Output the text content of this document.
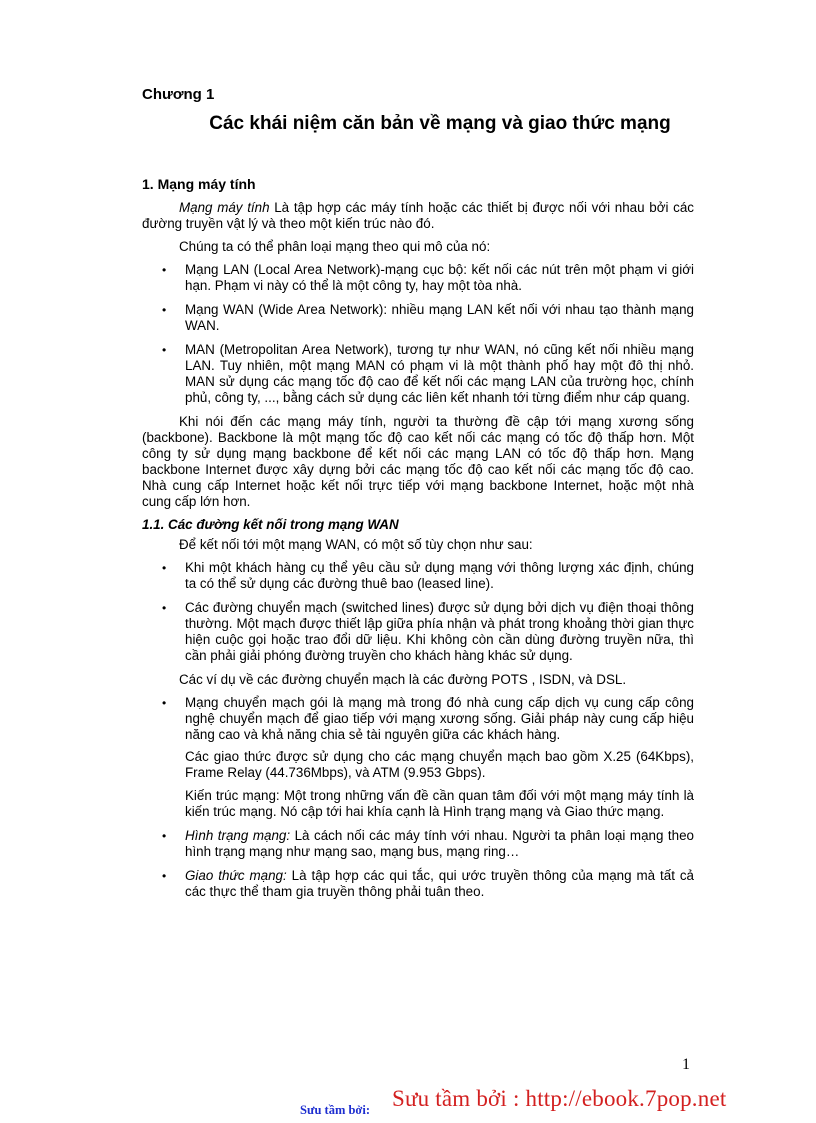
Chương 1
Các khái niệm căn bản về mạng và giao thức mạng
1. Mạng máy tính

Mạng máy tính Là tập hợp các máy tính hoặc các thiết bị được nối với nhau bởi các đường truyền vật lý và theo một kiến trúc nào đó.

Chúng ta có thể phân loại mạng theo qui mô của nó:

• Mạng LAN (Local Area Network)-mạng cục bộ: kết nối các nút trên một phạm vi giới hạn. Phạm vi này có thể là một công ty, hay một tòa nhà.
• Mạng WAN (Wide Area Network): nhiều mạng LAN kết nối với nhau tạo thành mạng WAN.
• MAN (Metropolitan Area Network), tương tự như WAN, nó cũng kết nối nhiều mạng LAN. Tuy nhiên, một mạng MAN có phạm vi là một thành phố hay một đô thị nhỏ. MAN sử dụng các mạng tốc độ cao để kết nối các mạng LAN của trường học, chính phủ, công ty, ..., bằng cách sử dụng các liên kết nhanh tới từng điểm như cáp quang.

Khi nói đến các mạng máy tính, người ta thường đề cập tới mạng xương sống (backbone). Backbone là một mạng tốc độ cao kết nối các mạng có tốc độ thấp hơn. Một công ty sử dụng mạng backbone để kết nối các mạng LAN có tốc độ thấp hơn. Mạng backbone Internet được xây dựng bởi các mạng tốc độ cao kết nối các mạng tốc độ cao. Nhà cung cấp Internet hoặc kết nối trực tiếp với mạng backbone Internet, hoặc một nhà cung cấp lớn hơn.

1.1. Các đường kết nối trong mạng WAN

Để kết nối tới một mạng WAN, có một số tùy chọn như sau:

• Khi một khách hàng cụ thể yêu cầu sử dụng mạng với thông lượng xác định, chúng ta có thể sử dụng các đường thuê bao (leased line).
• Các đường chuyển mạch (switched lines) được sử dụng bởi dịch vụ điện thoại thông thường. Một mạch được thiết lập giữa phía nhận và phát trong khoảng thời gian thực hiện cuộc gọi hoặc trao đổi dữ liệu. Khi không còn cần dùng đường truyền nữa, thì cần phải giải phóng đường truyền cho khách hàng khác sử dụng.

Các ví dụ về các đường chuyển mạch là các đường POTS , ISDN, và DSL.

• Mạng chuyển mạch gói là mạng mà trong đó nhà cung cấp dịch vụ cung cấp công nghệ chuyển mạch để giao tiếp với mạng xương sống. Giải pháp này cung cấp hiệu năng cao và khả năng chia sẻ tài nguyên giữa các khách hàng.

Các giao thức được sử dụng cho các mạng chuyển mạch bao gồm X.25 (64Kbps), Frame Relay (44.736Mbps), và ATM (9.953 Gbps).

Kiến trúc mạng: Một trong những vấn đề cần quan tâm đối với một mạng máy tính là kiến trúc mạng. Nó cập tới hai khía cạnh là Hình trạng mạng và Giao thức mạng.

• Hình trạng mạng: Là cách nối các máy tính với nhau. Người ta phân loại mạng theo hình trạng mạng như mạng sao, mạng bus, mạng ring…
• Giao thức mạng: Là tập hợp các qui tắc, qui ước truyền thông của mạng mà tất cả các thực thể tham gia truyền thông phải tuân theo.
1
Sưu tầm bởi: Sưu tầm bởi : http://ebook.7pop.net
